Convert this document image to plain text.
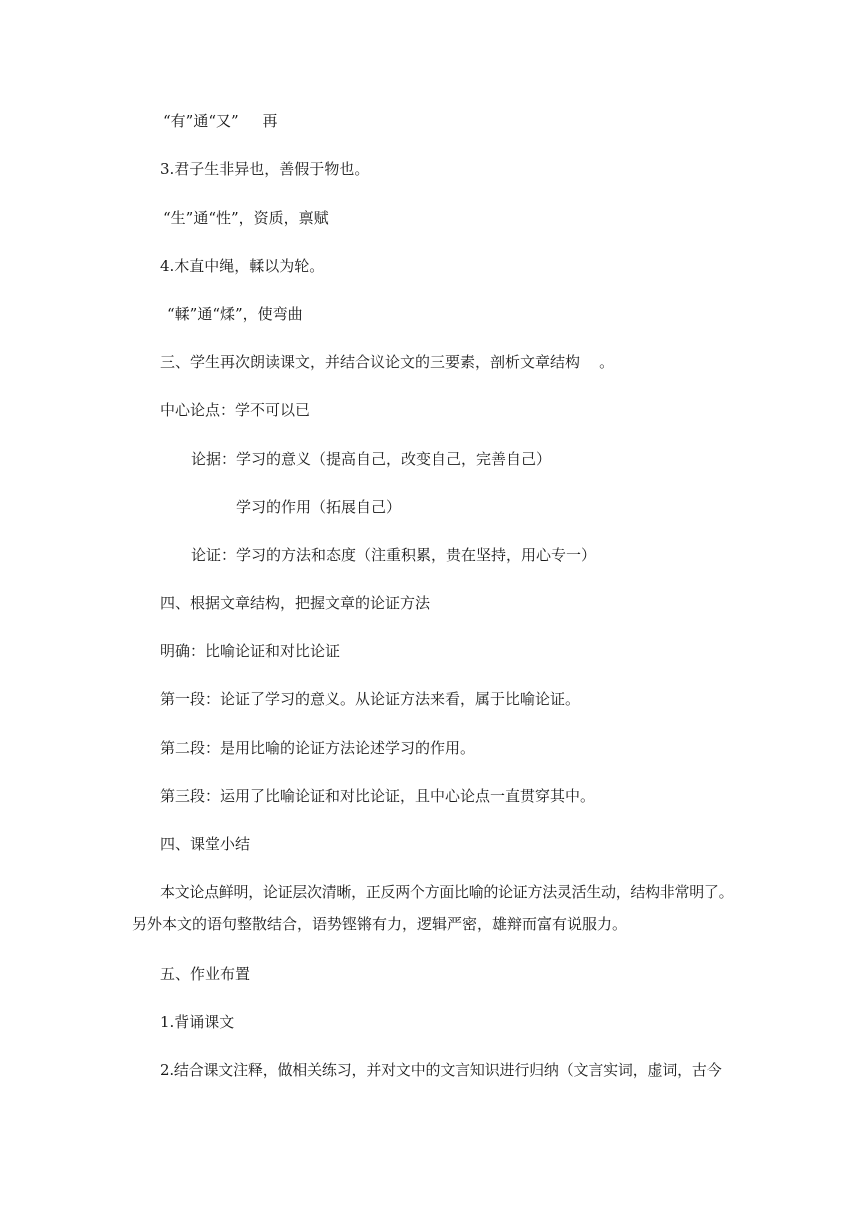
“有”通“又”     再
3.君子生非异也，善假于物也。
“生”通“性”，资质，禀赋
4.木直中绳，輮以为轮。
“輮”通“煣”，使弯曲
三、学生再次朗读课文，并结合议论文的三要素，剖析文章结构    。
中心论点：学不可以已
论据：学习的意义（提高自己，改变自己，完善自己）
学习的作用（拓展自己）
论证：学习的方法和态度（注重积累，贵在坚持，用心专一）
四、根据文章结构，把握文章的论证方法
明确：比喻论证和对比论证
第一段：论证了学习的意义。从论证方法来看，属于比喻论证。
第二段：是用比喻的论证方法论述学习的作用。
第三段：运用了比喻论证和对比论证，且中心论点一直贯穿其中。
四、课堂小结
本文论点鲜明，论证层次清晰，正反两个方面比喻的论证方法灵活生动，结构非常明了。
另外本文的语句整散结合，语势铿锵有力，逻辑严密，雄辩而富有说服力。
五、作业布置
1.背诵课文
2.结合课文注释，做相关练习，并对文中的文言知识进行归纳（文言实词，虚词，古今
